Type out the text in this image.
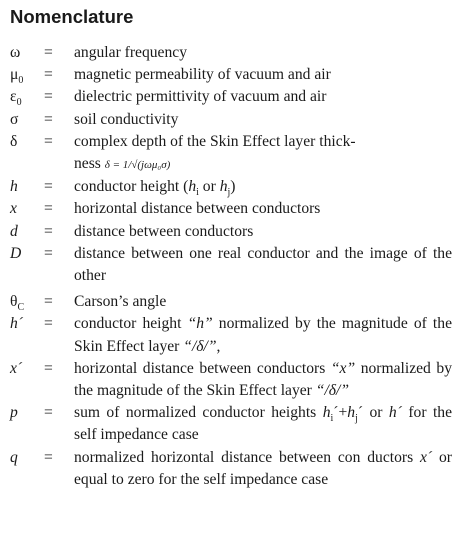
Nomenclature
ω	=	angular frequency
$\mu_0$	=	magnetic permeability of vacuum and air
$\varepsilon_0$	=	dielectric permittivity of vacuum and air
σ	=	soil conductivity
δ	=	complex depth of the Skin Effect layer thick-
ness δ = 1/√(jωμ₀σ)
h	=	conductor height ($h_i$ or $h_j$)
x	=	horizontal distance between conductors
d	=	distance between conductors
D	=	distance between one real conductor and the image of the other
$\theta_C$	=	Carson’s angle
h´	=	conductor height “h” normalized by the magnitude of the Skin Effect layer “/δ/”,
x´	=	horizontal distance between conductors “x” normalized by the magnitude of the Skin Effect layer “/δ/”
p	=	sum of normalized conductor heights $h_i´+h_j´$ or h´ for the self impedance case
q	=	normalized horizontal distance between con ductors x´ or equal to zero for the self impedance case
